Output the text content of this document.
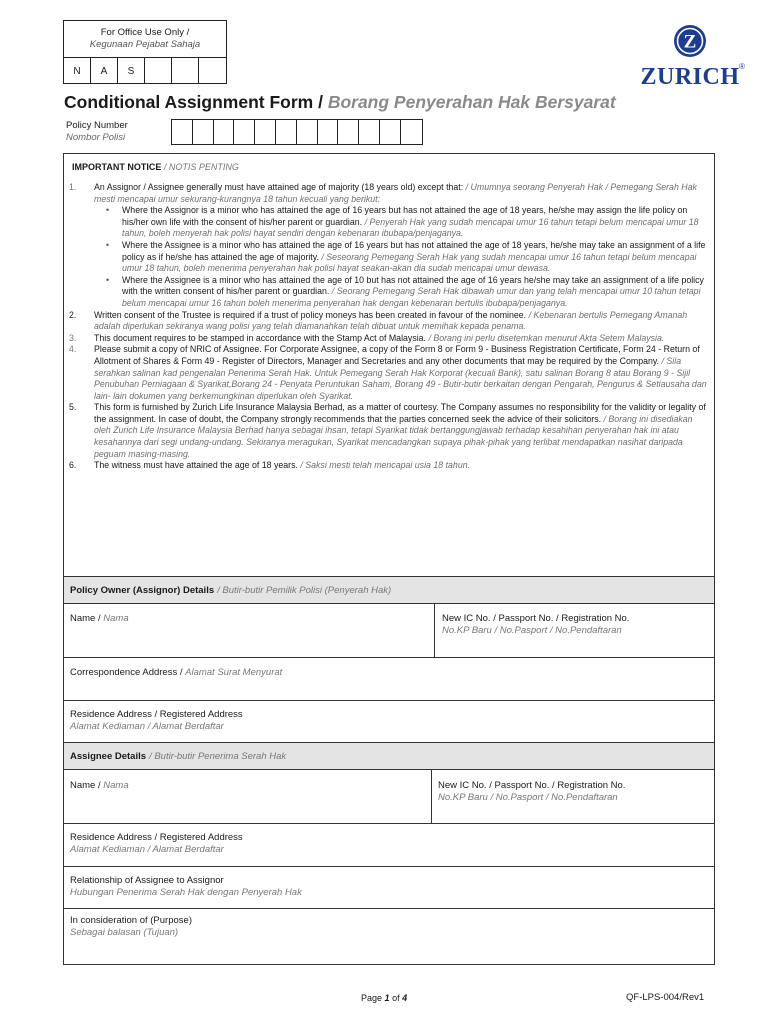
For Office Use Only /
Kegunaan Pejabat Sahaja
N	A	S
Z
ZURICH ®
Conditional Assignment Form / Borang Penyerahan Hak Bersyarat
Policy Number
Nombor Polisi
IMPORTANT NOTICE / NOTIS PENTING
1.	An Assignor / Assignee generally must have attained age of majority (18 years old) except that: / Umumnya seorang Penyerah Hak / Pemegang Serah Hak mesti mencapai umur sekurang-kurangnya 18 tahun kecuali yang berikut:
• Where the Assignor is a minor who has attained the age of 16 years but has not attained the age of 18 years, he/she may assign the life policy on his/her own life with the consent of his/her parent or guardian. / Penyerah Hak yang sudah mencapai umur 16 tahun tetapi belum mencapai umur 18 tahun, boleh menyerah hak polisi hayat sendiri dengan kebenaran ibubapa/penjaganya.
• Where the Assignee is a minor who has attained the age of 16 years but has not attained the age of 18 years, he/she may take an assignment of a life policy as if he/she has attained the age of majority. / Seseorang Pemegang Serah Hak yang sudah mencapai umur 16 tahun tetapi belum mencapai umur 18 tahun, boleh menerima penyerahan hak polisi hayat seakan-akan dia sudah mencapai umur dewasa.
• Where the Assignee is a minor who has attained the age of 10 but has not attained the age of 16 years he/she may take an assignment of a life policy with the written consent of his/her parent or guardian. / Seorang Pemegang Serah Hak dibawah umur dan yang telah mencapai umur 10 tahun tetapi belum mencapai umur 16 tahun boleh menerima penyerahan hak dengan kebenaran bertulis ibubapa/penjaganya.
2.	Written consent of the Trustee is required if a trust of policy moneys has been created in favour of the nominee. / Kebenaran bertulis Pemegang Amanah adalah diperlukan sekiranya wang polisi yang telah diamanahkan telah dibuat untuk memihak kepada penama.
3.	This document requires to be stamped in accordance with the Stamp Act of Malaysia. / Borang ini perlu disetemkan menurut Akta Setem Malaysia.
4.	Please submit a copy of NRIC of Assignee. For Corporate Assignee, a copy of the Form 8 or Form 9 - Business Registration Certificate, Form 24 - Return of Allotment of Shares & Form 49 - Register of Directors, Manager and Secretaries and any other documents that may be required by the Company. / Sila serahkan salinan kad pengenalan Penerima Serah Hak. Untuk Pemegang Serah Hak Korporat (kecuali Bank), satu salinan Borang 8 atau Borang 9 - Sijil Penubuhan Perniagaan & Syarikat,Borang 24 - Penyata Peruntukan Saham, Borang 49 - Butir-butir berkaitan dengan Pengarah, Pengurus & Setiausaha dan lain- lain dokumen yang berkemungkinan diperlukan oleh Syarikat.
5.	This form is furnished by Zurich Life Insurance Malaysia Berhad, as a matter of courtesy. The Company assumes no responsibility for the validity or legality of the assignment. In case of doubt, the Company strongly recommends that the parties concerned seek the advice of their solicitors. / Borang ini disediakan oleh Zurich Life Insurance Malaysia Berhad hanya sebagai ihsan, tetapi Syarikat tidak bertanggungjawab terhadap kesahihan penyerahan hak ini atau kesahannya dari segi undang-undang. Sekiranya meragukan, Syarikat mencadangkan supaya pihak-pihak yang terlibat mendapatkan nasihat daripada peguam masing-masing.
6.	The witness must have attained the age of 18 years. / Saksi mesti telah mencapai usia 18 tahun.
Policy Owner (Assignor) Details / Butir-butir Pemilik Polisi (Penyerah Hak)
Name / Nama	New IC No. / Passport No. / Registration No.
No.KP Baru / No.Pasport / No.Pendaftaran
Correspondence Address / Alamat Surat Menyurat
Residence Address / Registered Address
Alamat Kediaman / Alamat Berdaftar
Assignee Details / Butir-butir Penerima Serah Hak
Name / Nama	New IC No. / Passport No. / Registration No.
No.KP Baru / No.Pasport / No.Pendaftaran
Residence Address / Registered Address
Alamat Kediaman / Alamat Berdaftar
Relationship of Assignee to Assignor
Hubungan Penerima Serah Hak dengan Penyerah Hak
In consideration of (Purpose)
Sebagai balasan (Tujuan)
Page 1 of 4	QF-LPS-004/Rev1
